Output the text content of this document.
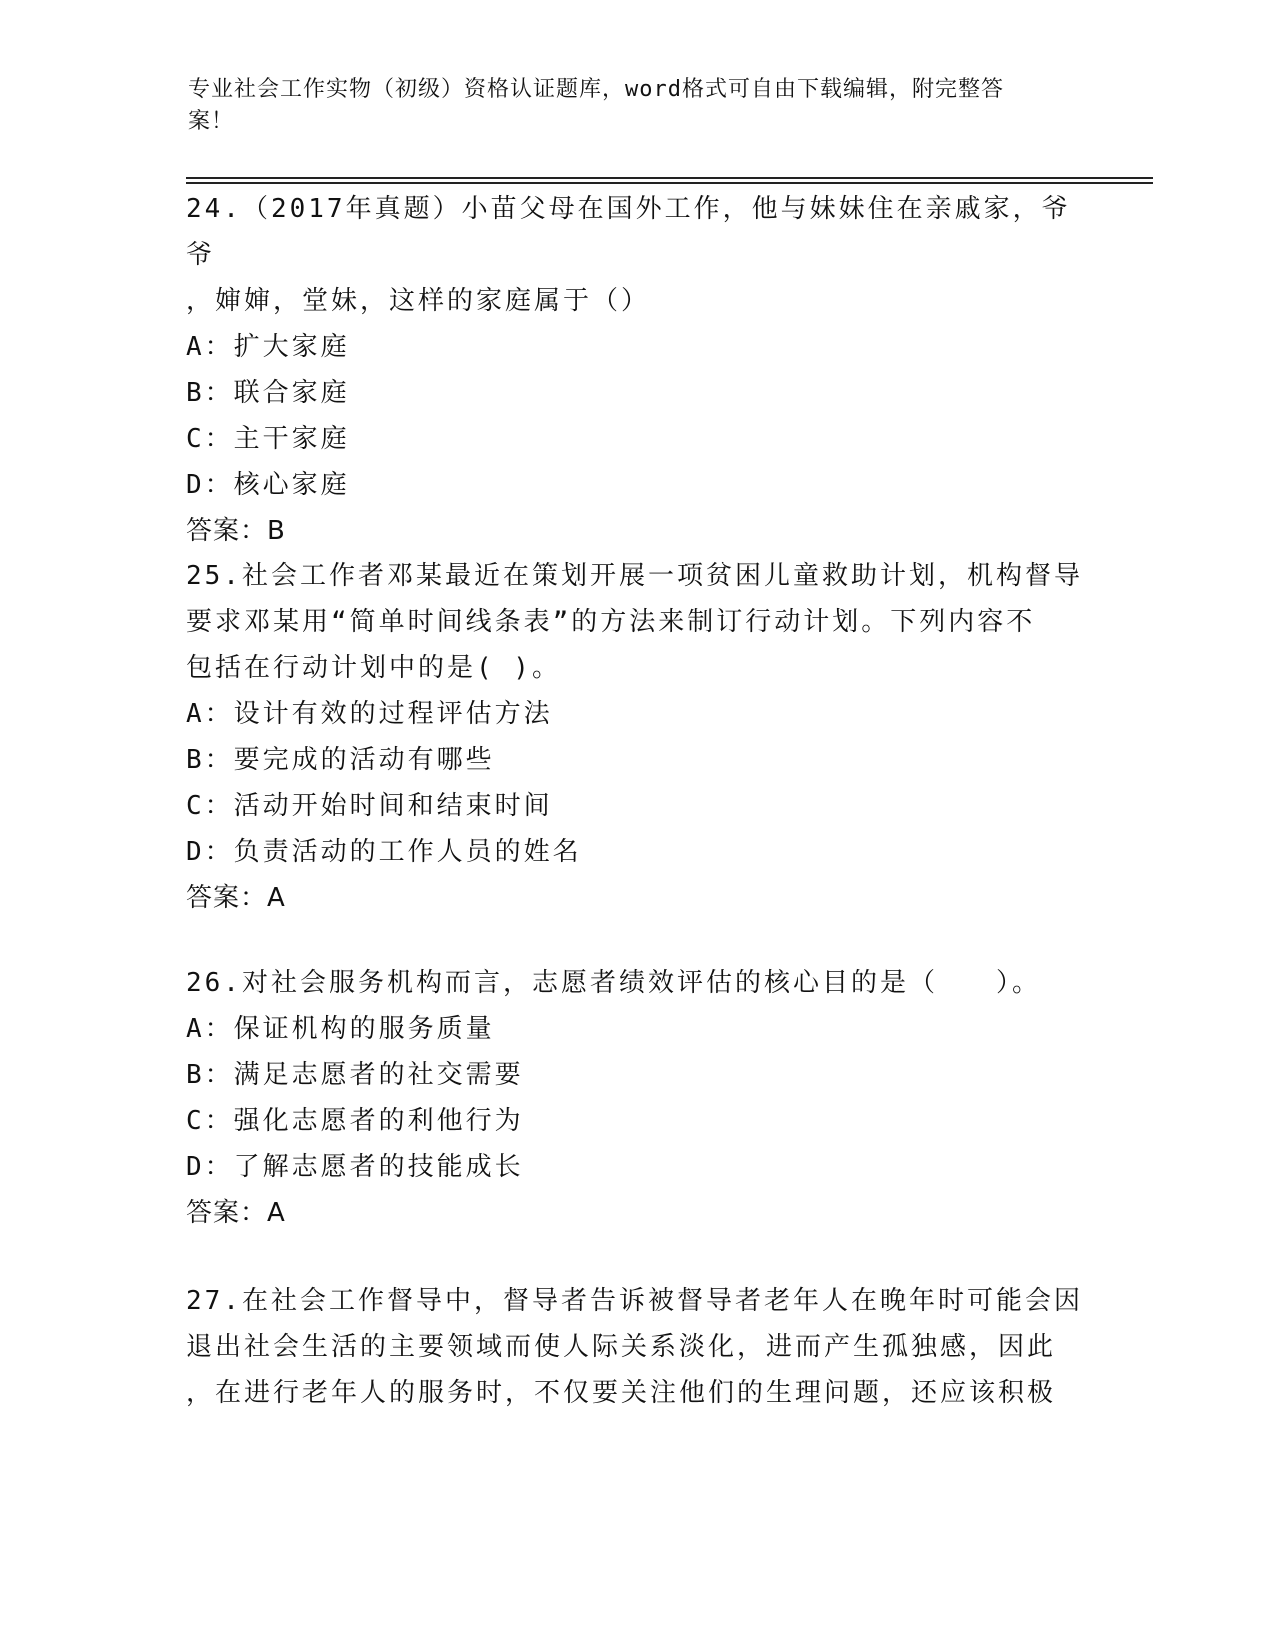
专业社会工作实物（初级）资格认证题库，word格式可自由下载编辑，附完整答
案！

24.（2017年真题）小苗父母在国外工作，他与妹妹住在亲戚家，爷爷

，婶婶，堂妹，这样的家庭属于（）

A：扩大家庭

B：联合家庭

C：主干家庭

D：核心家庭

答案：B

25.社会工作者邓某最近在策划开展一项贫困儿童救助计划，机构督导

要求邓某用“简单时间线条表”的方法来制订行动计划。下列内容不

包括在行动计划中的是( )。

A：设计有效的过程评估方法

B：要完成的活动有哪些

C：活动开始时间和结束时间

D：负责活动的工作人员的姓名

答案：A

26.对社会服务机构而言，志愿者绩效评估的核心目的是（　　）。

A：保证机构的服务质量

B：满足志愿者的社交需要

C：强化志愿者的利他行为

D：了解志愿者的技能成长

答案：A

27.在社会工作督导中，督导者告诉被督导者老年人在晚年时可能会因

退出社会生活的主要领域而使人际关系淡化，进而产生孤独感，因此

，在进行老年人的服务时，不仅要关注他们的生理问题，还应该积极
